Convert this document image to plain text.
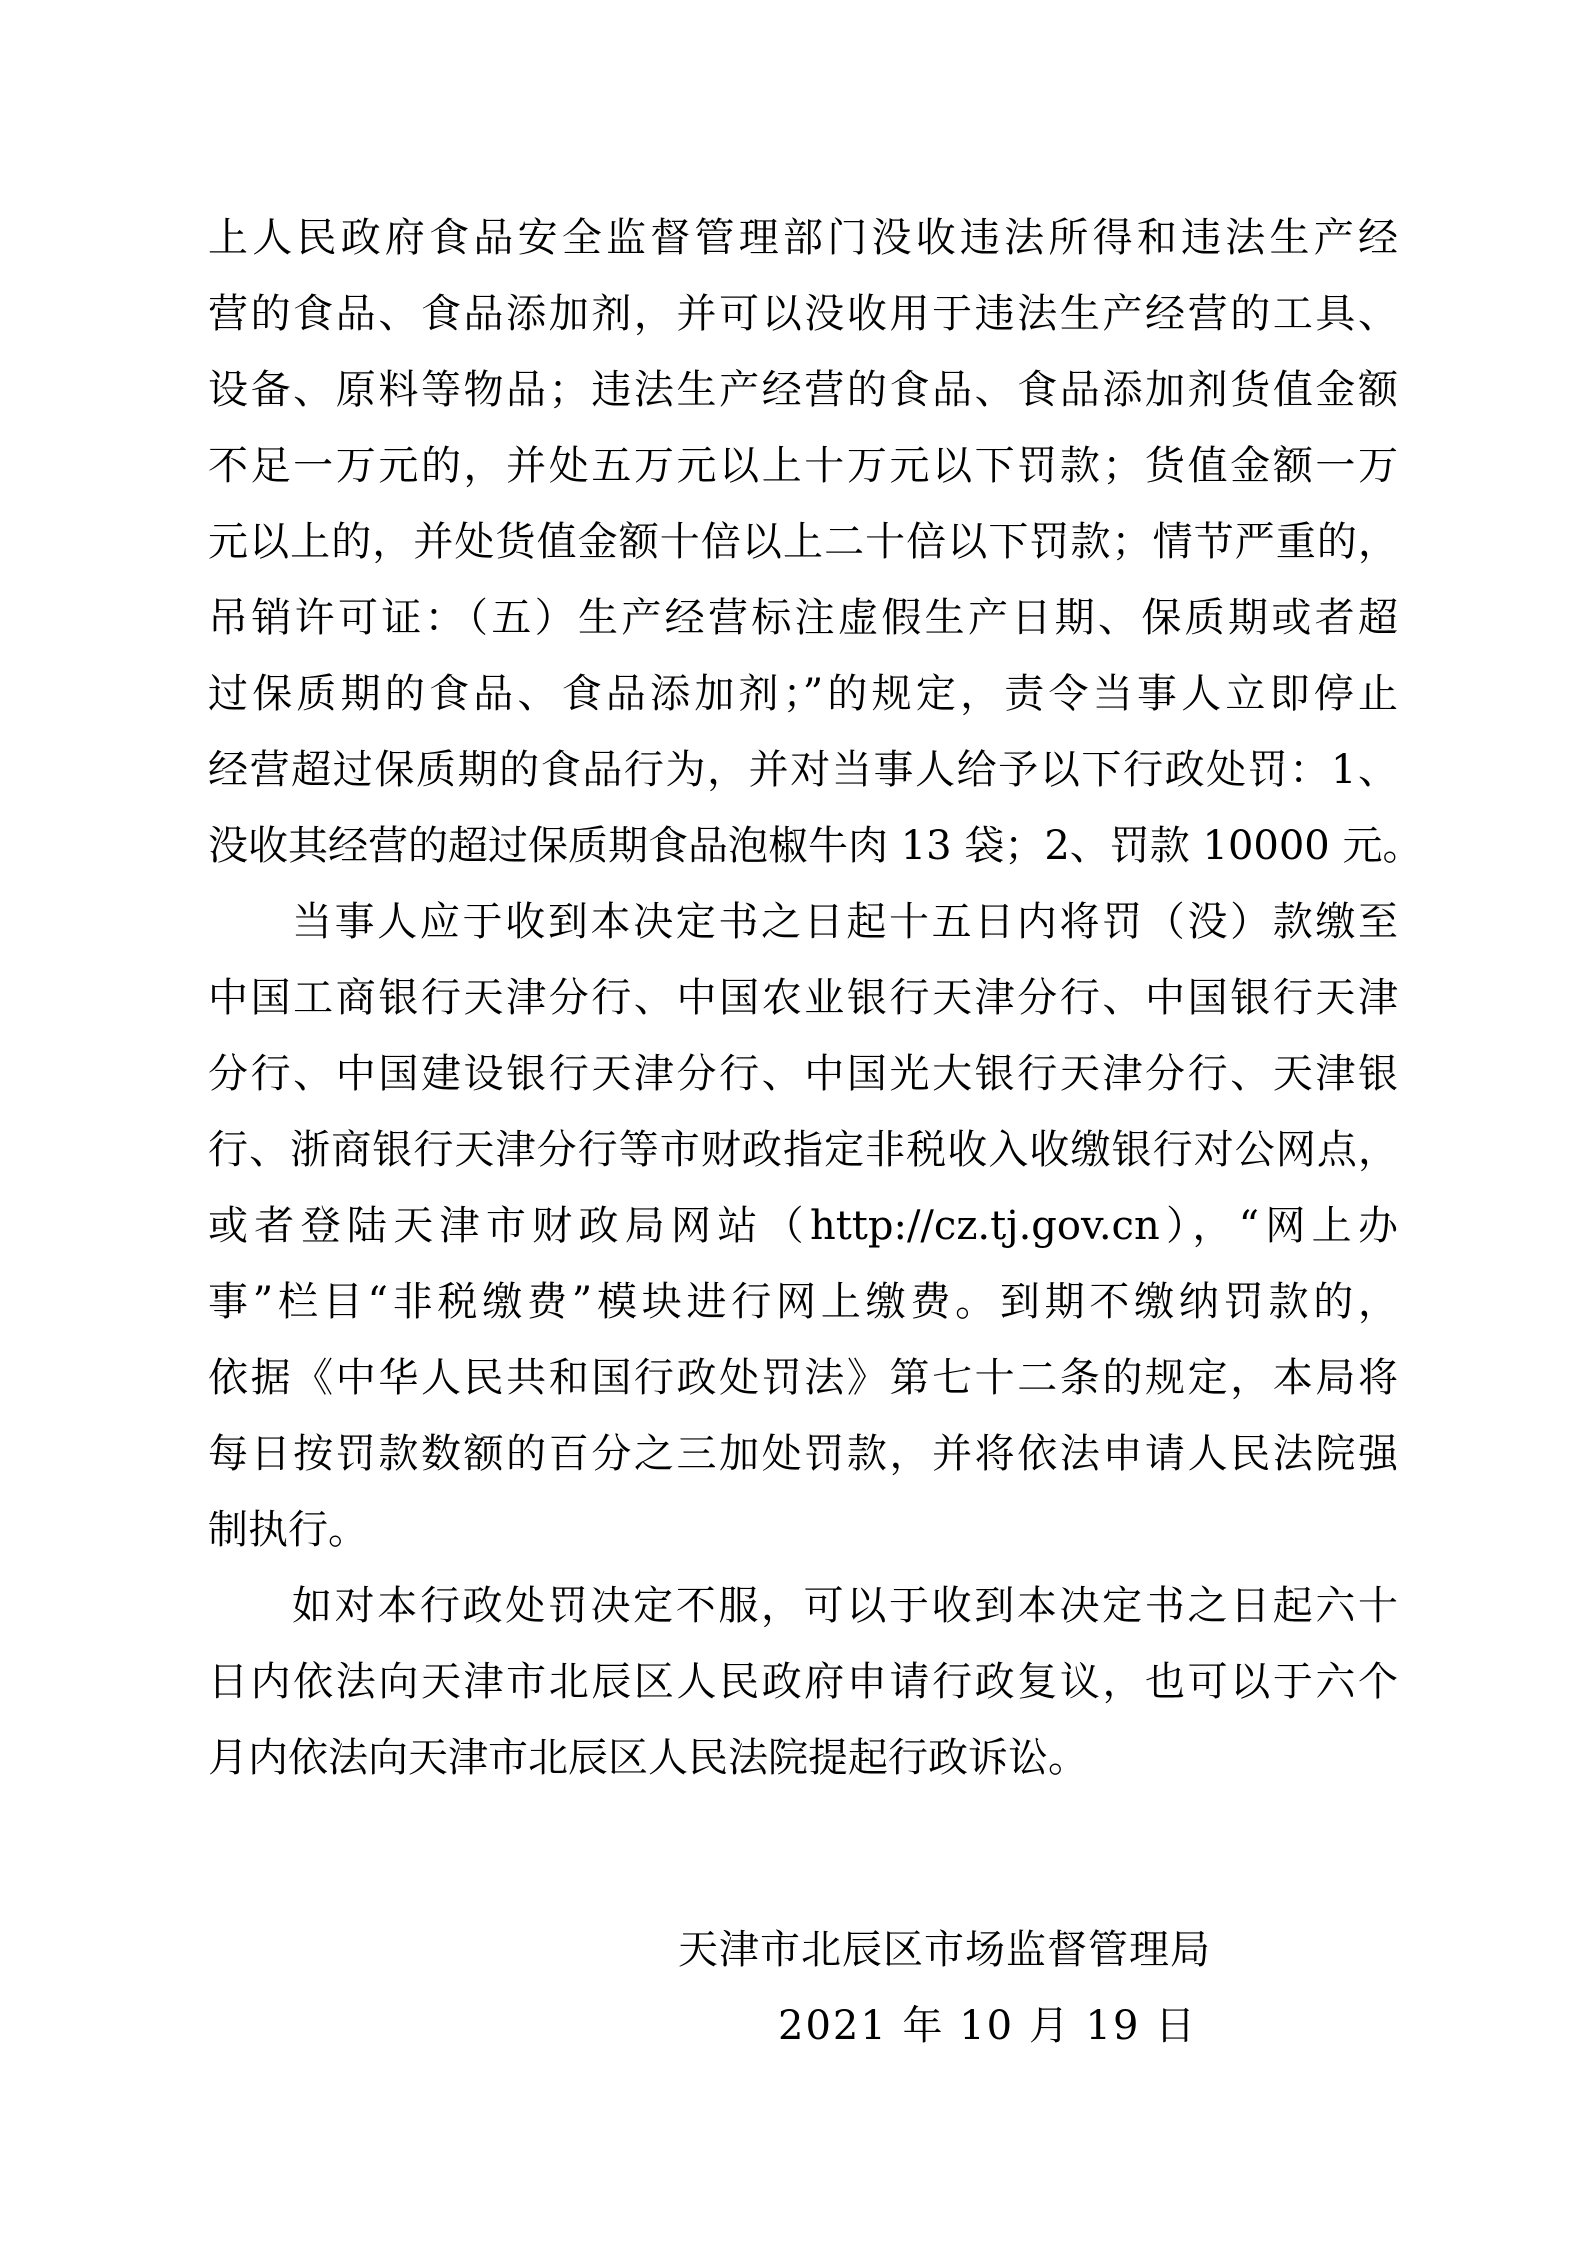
上人民政府食品安全监督管理部门没收违法所得和违法生产经
营的食品、食品添加剂，并可以没收用于违法生产经营的工具、
设备、原料等物品；违法生产经营的食品、食品添加剂货值金额
不足一万元的，并处五万元以上十万元以下罚款；货值金额一万
元以上的，并处货值金额十倍以上二十倍以下罚款；情节严重的，
吊销许可证：（五）生产经营标注虚假生产日期、保质期或者超
过保质期的食品、食品添加剂；”的规定，责令当事人立即停止
经营超过保质期的食品行为，并对当事人给予以下行政处罚：1、
没收其经营的超过保质期食品泡椒牛肉 13 袋；2、罚款 10000 元。
当事人应于收到本决定书之日起十五日内将罚（没）款缴至
中国工商银行天津分行、中国农业银行天津分行、中国银行天津
分行、中国建设银行天津分行、中国光大银行天津分行、天津银
行、浙商银行天津分行等市财政指定非税收入收缴银行对公网点，
或者登陆天津市财政局网站（http://cz.tj.gov.cn），“网上办
事”栏目“非税缴费”模块进行网上缴费。到期不缴纳罚款的，
依据《中华人民共和国行政处罚法》第七十二条的规定，本局将
每日按罚款数额的百分之三加处罚款，并将依法申请人民法院强
制执行。
如对本行政处罚决定不服，可以于收到本决定书之日起六十
日内依法向天津市北辰区人民政府申请行政复议，也可以于六个
月内依法向天津市北辰区人民法院提起行政诉讼。
天津市北辰区市场监督管理局
2021 年 10 月 19 日
